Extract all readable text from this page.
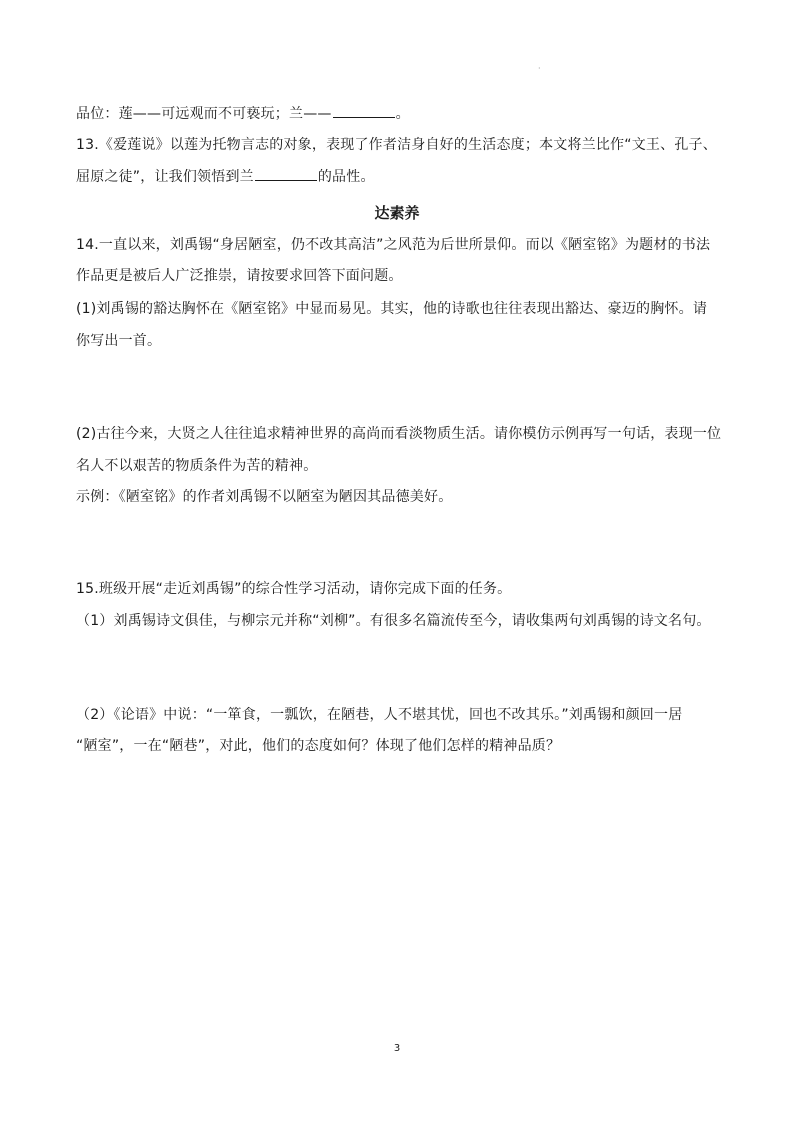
·
品位：莲——可远观而不可亵玩；兰——	。
13.《爱莲说》以莲为托物言志的对象，表现了作者洁身自好的生活态度；本文将兰比作“文王、孔子、
屈原之徒”，让我们领悟到兰	的品性。
达素养
14.一直以来，刘禹锡“身居陋室，仍不改其高洁”之风范为后世所景仰。而以《陋室铭》为题材的书法
作品更是被后人广泛推崇，请按要求回答下面问题。
(1)刘禹锡的豁达胸怀在《陋室铭》中显而易见。其实，他的诗歌也往往表现出豁达、豪迈的胸怀。请
你写出一首。
(2)古往今来，大贤之人往往追求精神世界的高尚而看淡物质生活。请你模仿示例再写一句话，表现一位
名人不以艰苦的物质条件为苦的精神。
示例：《陋室铭》的作者刘禹锡不以陋室为陋因其品德美好。
15.班级开展“走近刘禹锡”的综合性学习活动，请你完成下面的任务。
（1）刘禹锡诗文俱佳，与柳宗元并称“刘柳”。有很多名篇流传至今，请收集两句刘禹锡的诗文名句。
（2）《论语》中说：“一箪食，一瓢饮，在陋巷，人不堪其忧，回也不改其乐。”刘禹锡和颜回一居
“陋室”，一在“陋巷”，对此，他们的态度如何？体现了他们怎样的精神品质？
3
